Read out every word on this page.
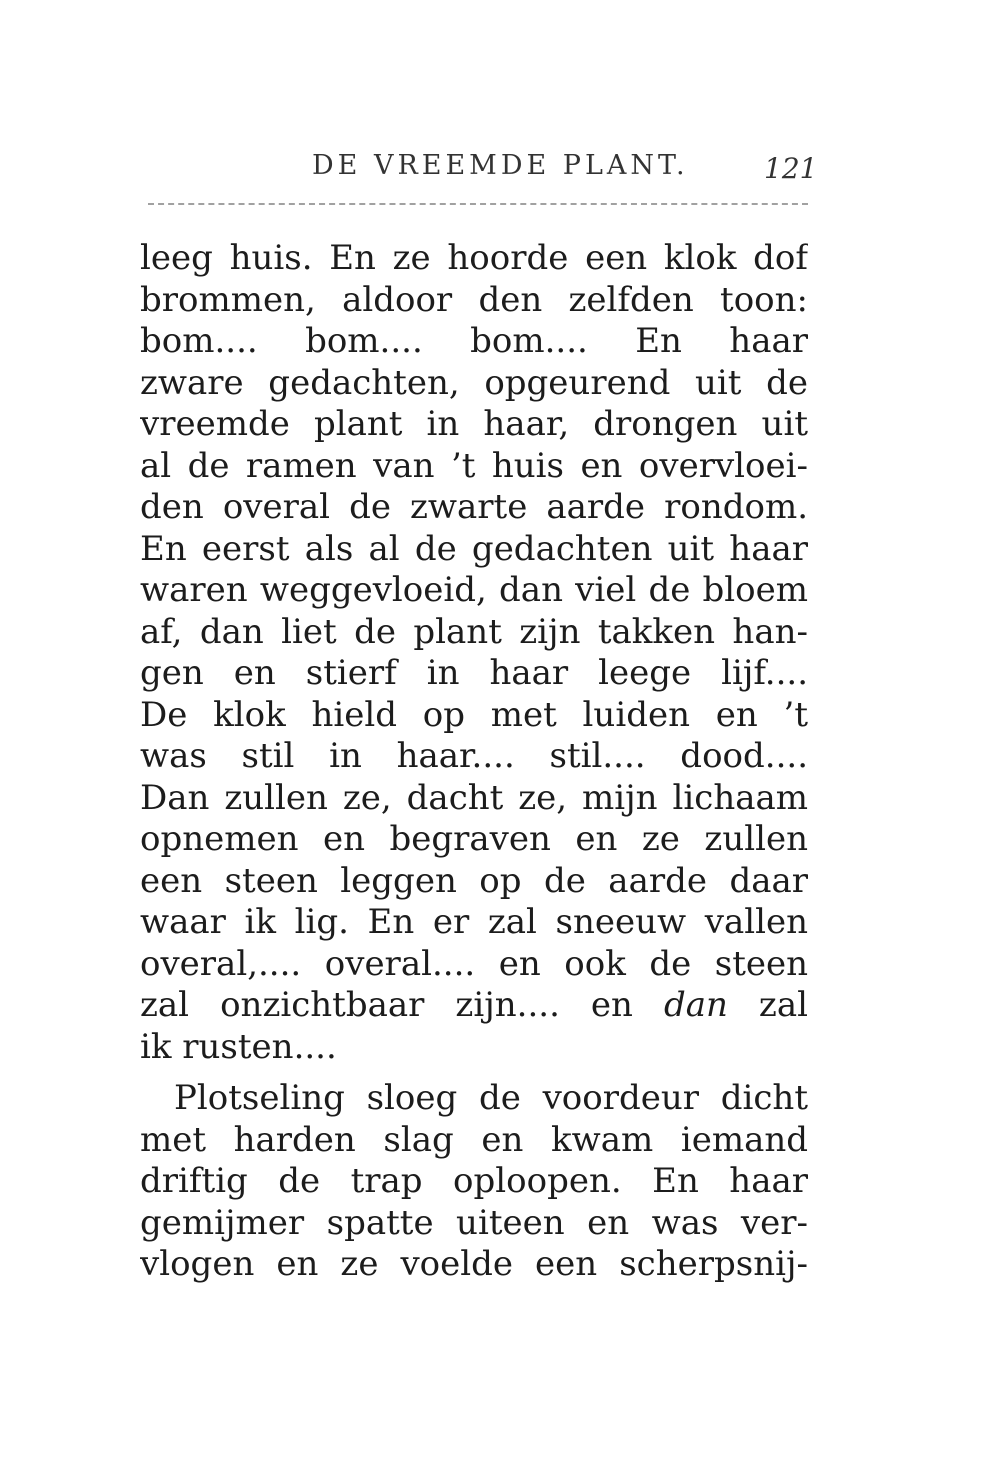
DE VREEMDE PLANT.	121
leeg huis. En ze hoorde een klok dof
brommen, aldoor den zelfden toon:
bom.... bom.... bom.... En haar
zware gedachten, opgeurend uit de
vreemde plant in haar, drongen uit
al de ramen van ’t huis en overvloei-
den overal de zwarte aarde rondom.
En eerst als al de gedachten uit haar
waren weggevloeid, dan viel de bloem
af, dan liet de plant zijn takken han-
gen en stierf in haar leege lijf....
De klok hield op met luiden en ’t
was stil in haar.... stil.... dood....
Dan zullen ze, dacht ze, mijn lichaam
opnemen en begraven en ze zullen
een steen leggen op de aarde daar
waar ik lig. En er zal sneeuw vallen
overal,.... overal.... en ook de steen
zal onzichtbaar zijn.... en dan zal
ik rusten....
Plotseling sloeg de voordeur dicht
met harden slag en kwam iemand
driftig de trap oploopen. En haar
gemijmer spatte uiteen en was ver-
vlogen en ze voelde een scherpsnij-
